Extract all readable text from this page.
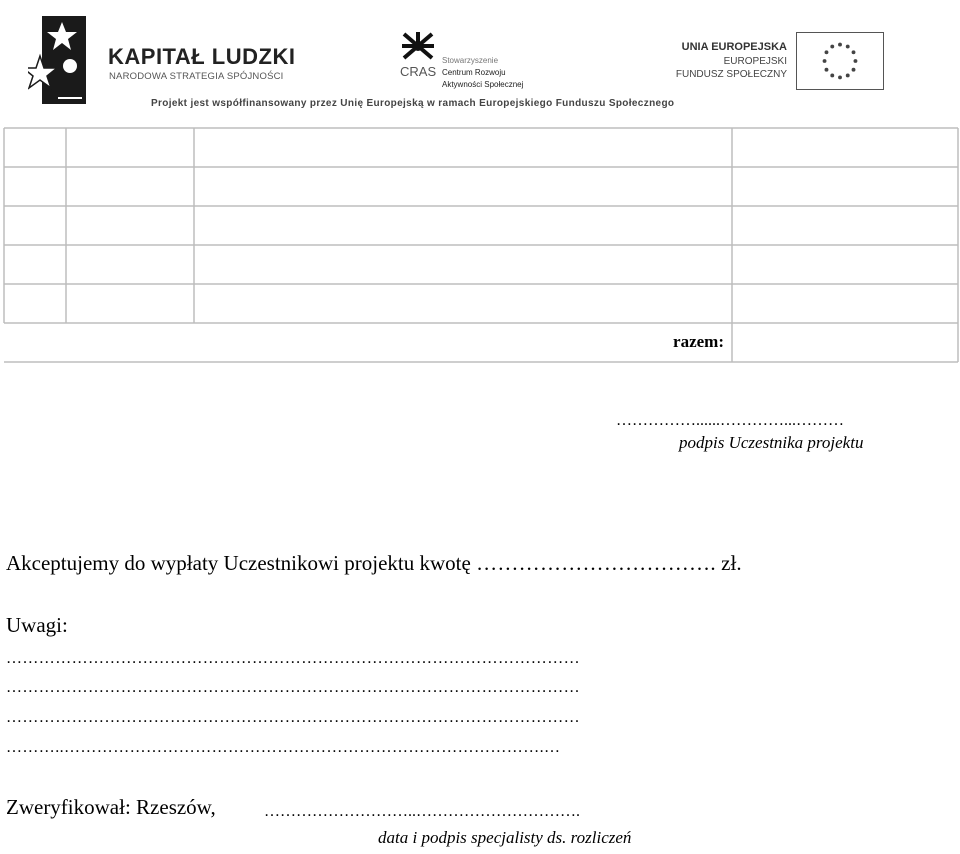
KAPITAŁ LUDZKI
NARODOWA STRATEGIA SPÓJNOŚCI	CRAS
Stowarzyszenie
Centrum Rozwoju
Aktywności Społecznej
UNIA EUROPEJSKA
EUROPEJSKI
FUNDUSZ SPOŁECZNY
Projekt jest współfinansowany przez Unię Europejską w ramach Europejskiego Funduszu Społecznego
razem:
……………......…………...………
podpis Uczestnika projektu
Akceptujemy do wypłaty Uczestnikowi projektu kwotę ……………………………. zł.
Uwagi:
……………………………………………………………………………………………
……………………………………………………………………………………………
……………………………………………………………………………………………
………..…………………………………………………………………………….…
Zweryfikował: Rzeszów,	………………………..………………………….
data i podpis specjalisty ds. rozliczeń
